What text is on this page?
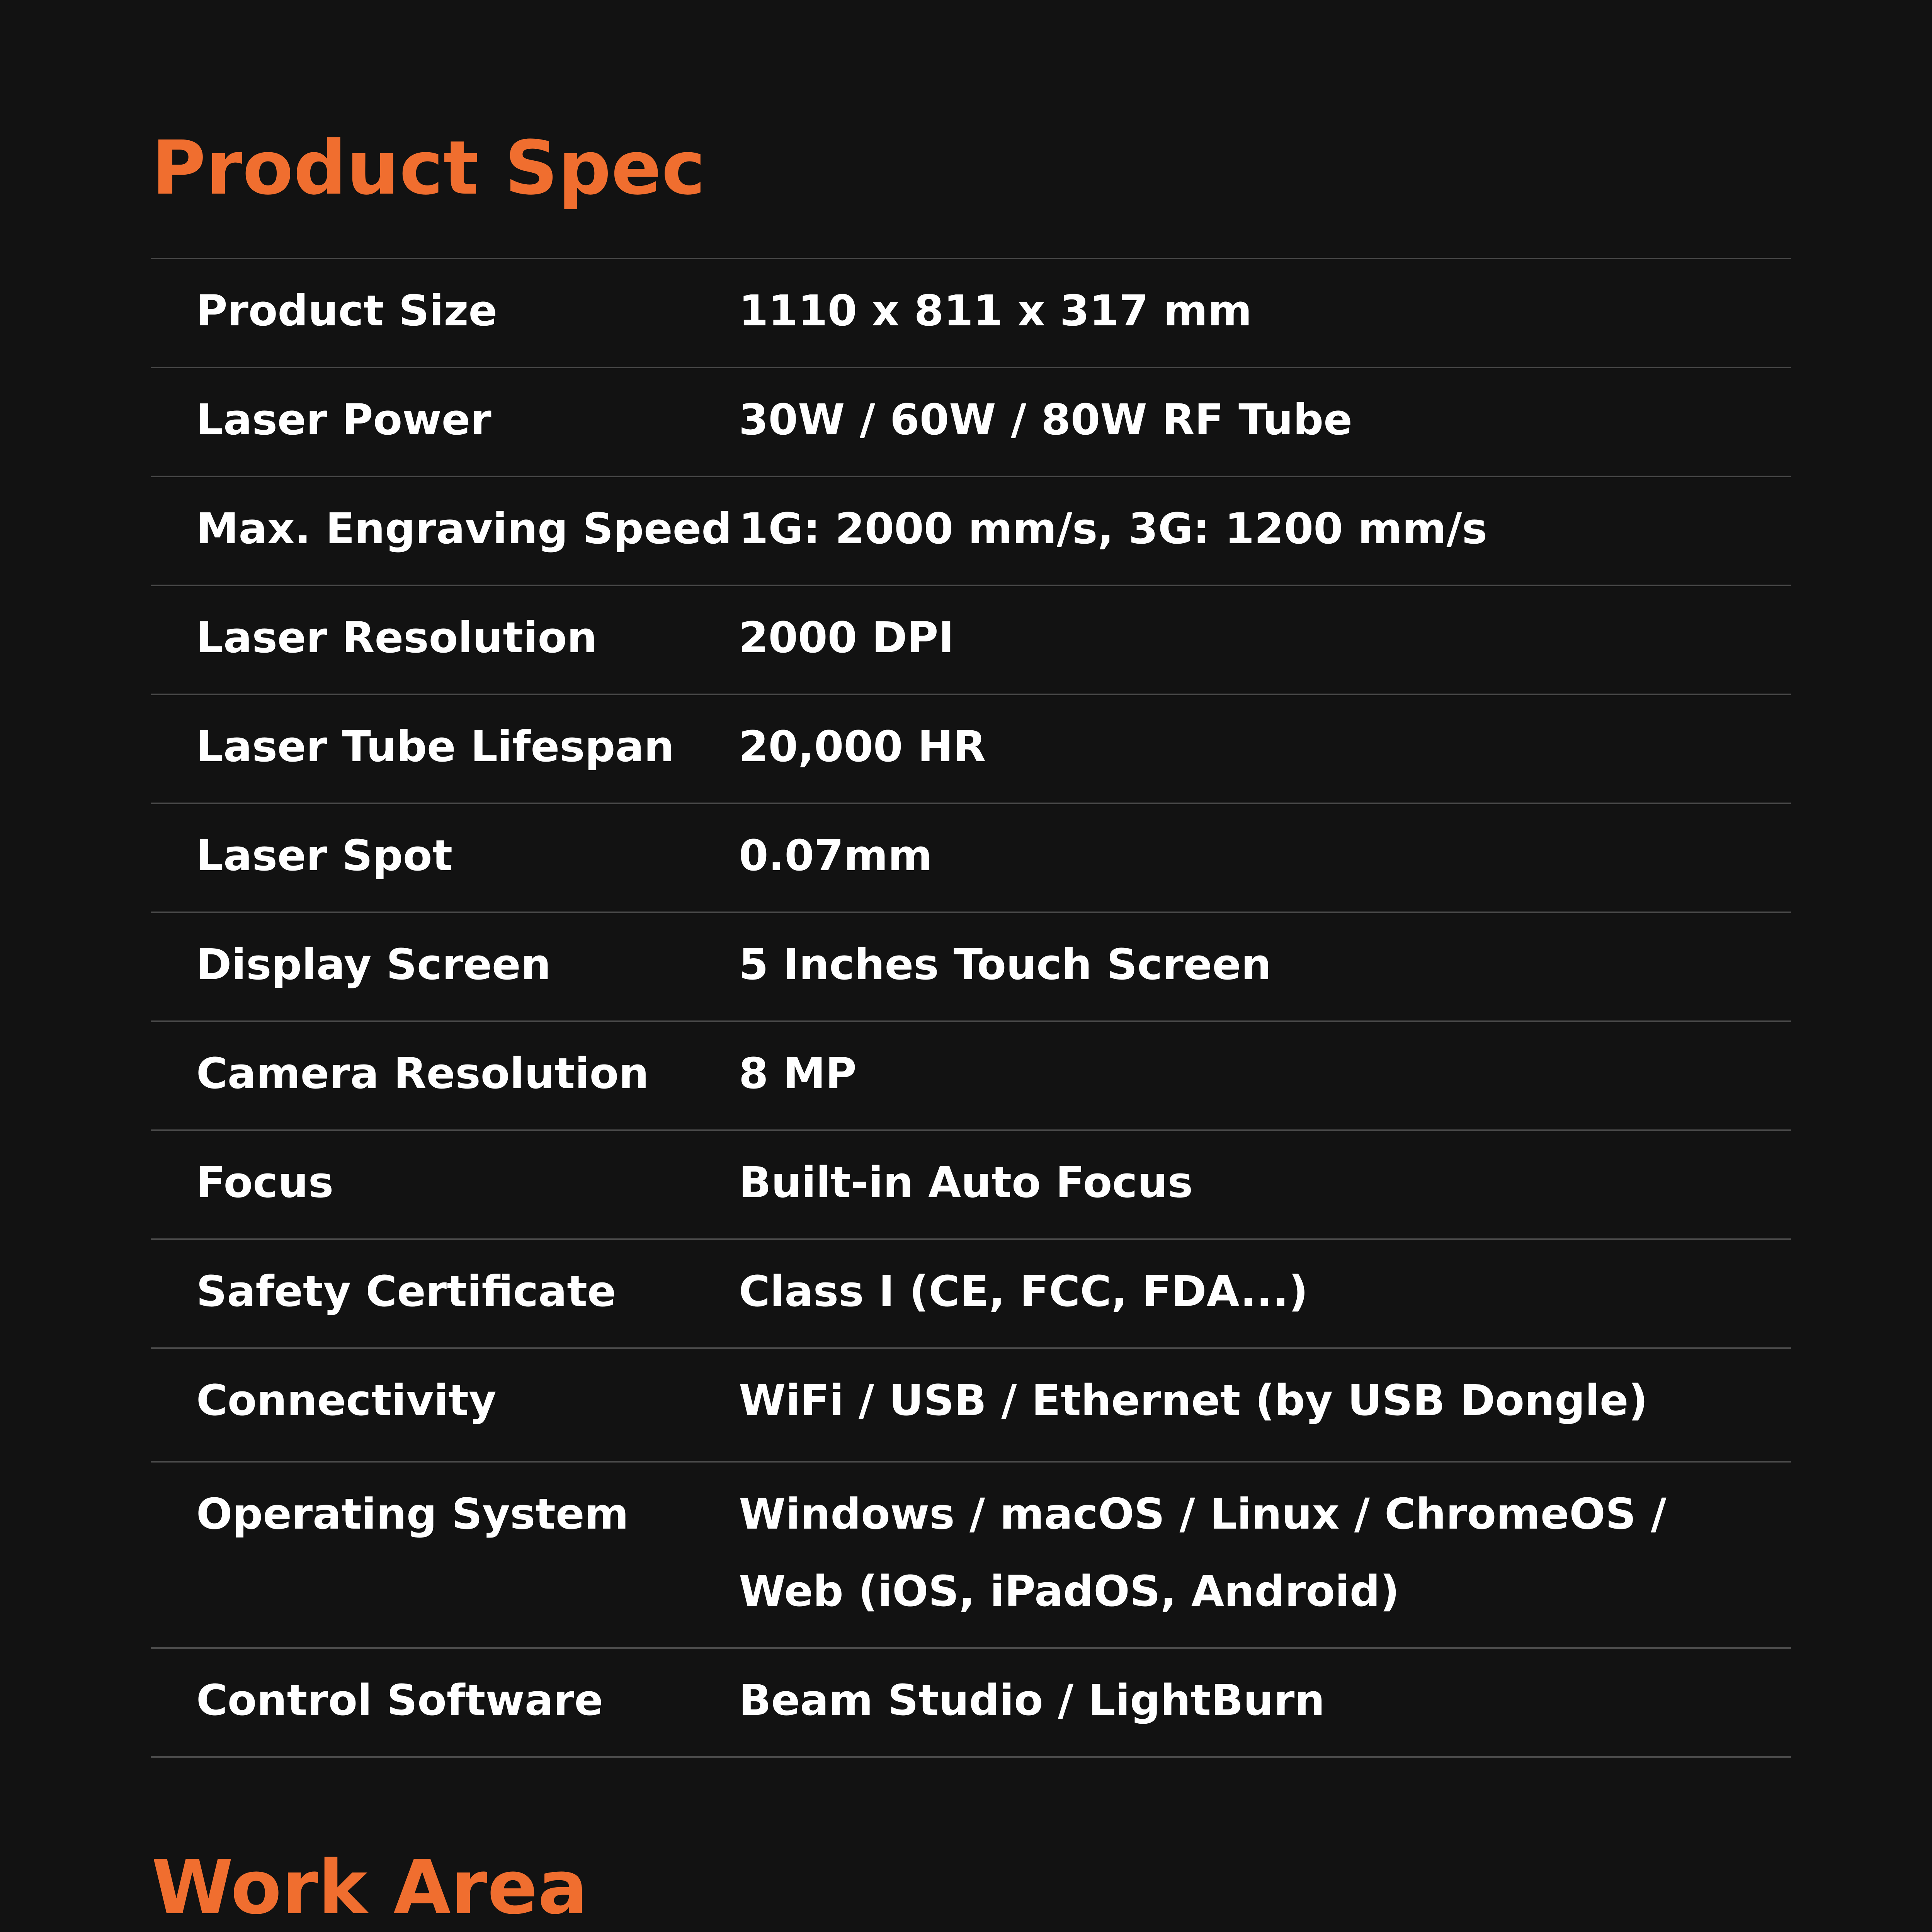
Product Spec
Product Size	1110 x 811 x 317 mm
Laser Power	30W / 60W / 80W RF Tube
Max. Engraving Speed 1G: 2000 mm/s, 3G: 1200 mm/s
Laser Resolution	2000 DPI
Laser Tube Lifespan 20,000 HR
Laser Spot	0.07mm
Display Screen	5 Inches Touch Screen
Camera Resolution 8 MP
Focus	Built-in Auto Focus
Safety Certificate	Class I (CE, FCC, FDA...)
Connectivity	WiFi / USB / Ethernet (by USB Dongle)
Operating System	Windows / macOS / Linux / ChromeOS /
Web (iOS, iPadOS, Android)
Control Software	Beam Studio / LightBurn
Work Area
